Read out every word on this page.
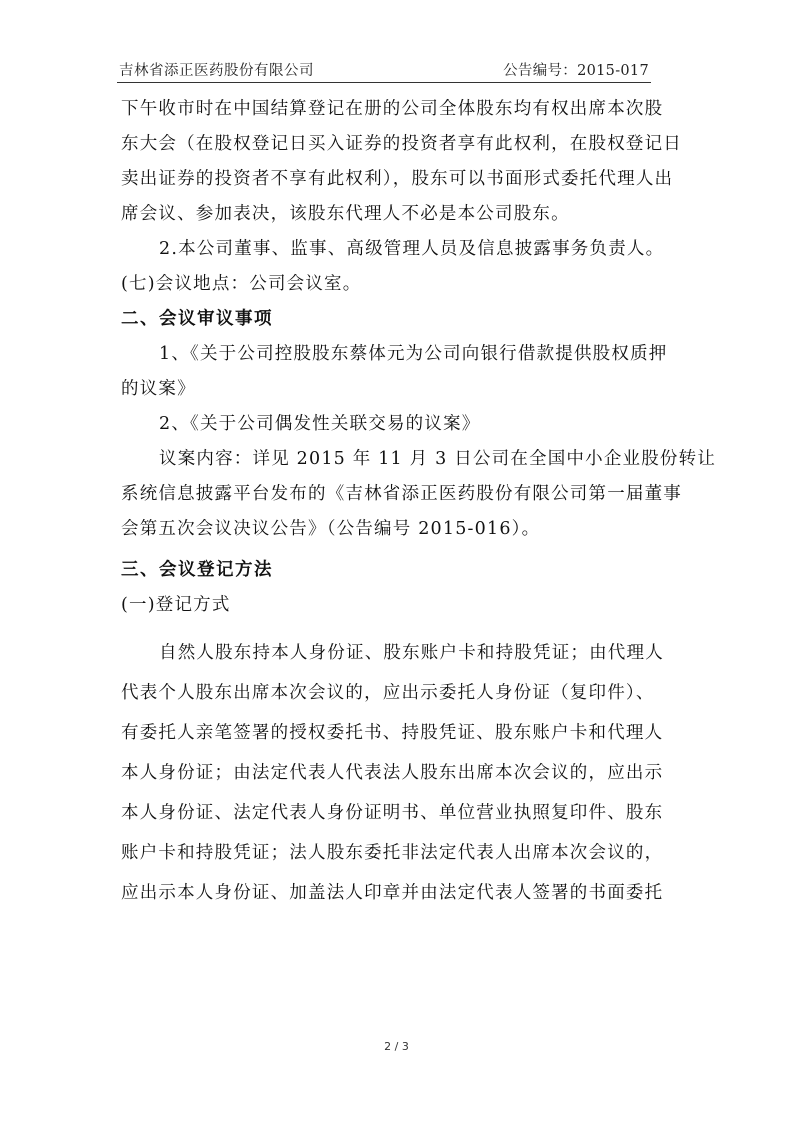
吉林省添正医药股份有限公司	公告编号：2015-017
下午收市时在中国结算登记在册的公司全体股东均有权出席本次股
东大会（在股权登记日买入证券的投资者享有此权利，在股权登记日
卖出证券的投资者不享有此权利），股东可以书面形式委托代理人出
席会议、参加表决，该股东代理人不必是本公司股东。
2.本公司董事、监事、高级管理人员及信息披露事务负责人。
(七)会议地点：公司会议室。
二、会议审议事项
1、《关于公司控股股东蔡体元为公司向银行借款提供股权质押
的议案》
2、《关于公司偶发性关联交易的议案》
议案内容：详见 2015 年 11 月 3 日公司在全国中小企业股份转让
系统信息披露平台发布的《吉林省添正医药股份有限公司第一届董事
会第五次会议决议公告》（公告编号 2015-016）。
三、会议登记方法
(一)登记方式
自然人股东持本人身份证、股东账户卡和持股凭证；由代理人
代表个人股东出席本次会议的，应出示委托人身份证（复印件）、
有委托人亲笔签署的授权委托书、持股凭证、股东账户卡和代理人
本人身份证；由法定代表人代表法人股东出席本次会议的，应出示
本人身份证、法定代表人身份证明书、单位营业执照复印件、股东
账户卡和持股凭证；法人股东委托非法定代表人出席本次会议的，
应出示本人身份证、加盖法人印章并由法定代表人签署的书面委托
2 / 3
